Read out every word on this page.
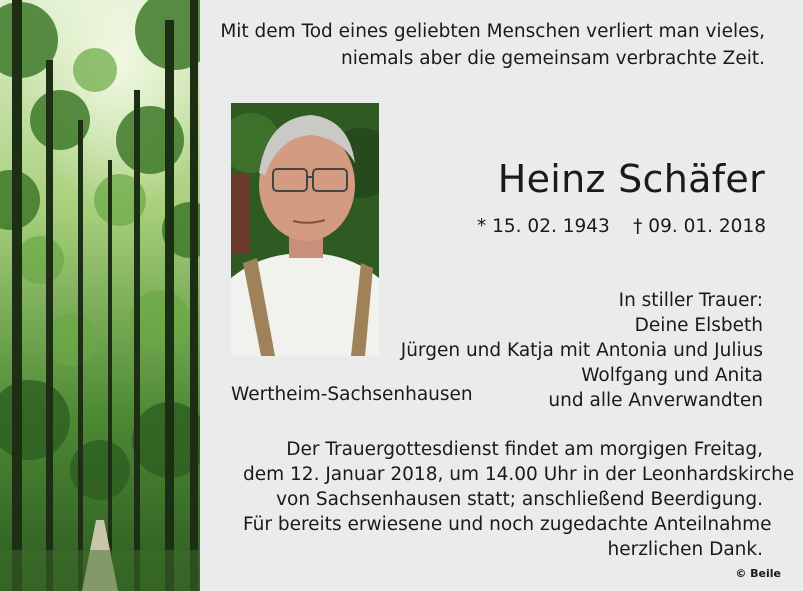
Mit dem Tod eines geliebten Menschen verliert man vieles,
niemals aber die gemeinsam verbrachte Zeit.
Heinz Schäfer
* 15. 02. 1943 † 09. 01. 2018
In stiller Trauer:
Deine Elsbeth
Jürgen und Katja mit Antonia und Julius
Wolfgang und Anita
und alle Anverwandten
Wertheim-Sachsenhausen
Der Trauergottesdienst findet am morgigen Freitag,
dem 12. Januar 2018, um 14.00 Uhr in der Leonhardskirche
von Sachsenhausen statt; anschließend Beerdigung.
Für bereits erwiesene und noch zugedachte Anteilnahme
herzlichen Dank.
© Beile
